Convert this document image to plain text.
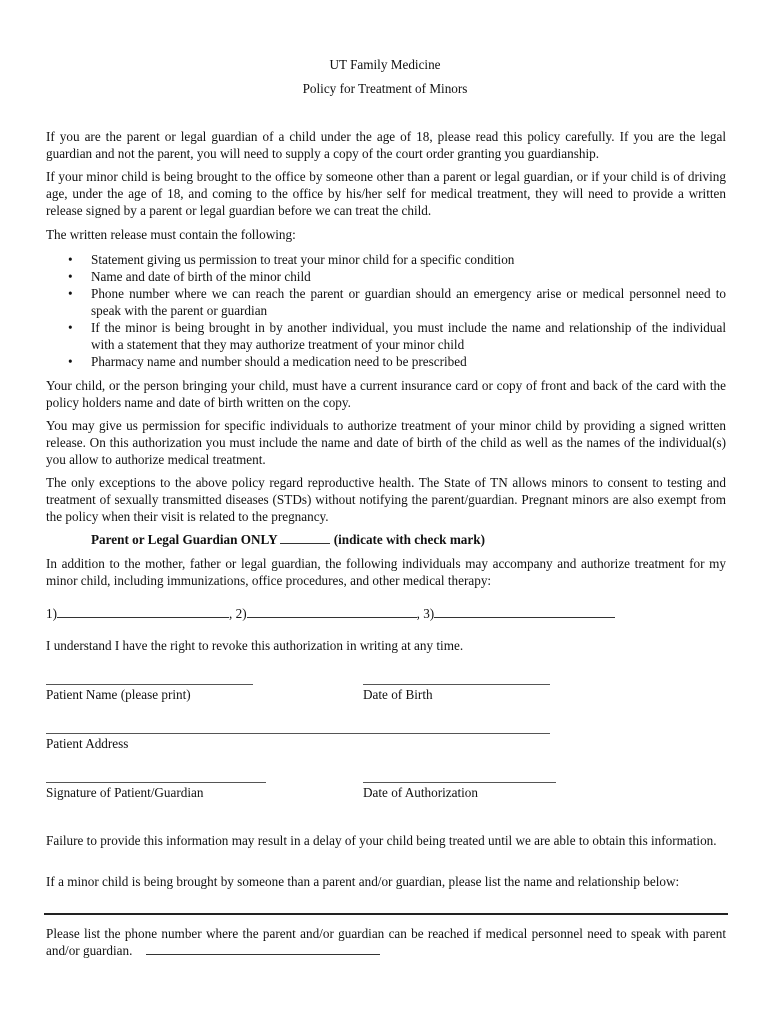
UT Family Medicine
Policy for Treatment of Minors

If you are the parent or legal guardian of a child under the age of 18, please read this policy carefully. If you are the legal guardian and not the parent, you will need to supply a copy of the court order granting you guardianship.

If your minor child is being brought to the office by someone other than a parent or legal guardian, or if your child is of driving age, under the age of 18, and coming to the office by his/her self for medical treatment, they will need to provide a written release signed by a parent or legal guardian before we can treat the child.

The written release must contain the following:

• Statement giving us permission to treat your minor child for a specific condition
• Name and date of birth of the minor child
• Phone number where we can reach the parent or guardian should an emergency arise or medical personnel need to speak with the parent or guardian
• If the minor is being brought in by another individual, you must include the name and relationship of the individual with a statement that they may authorize treatment of your minor child
• Pharmacy name and number should a medication need to be prescribed

Your child, or the person bringing your child, must have a current insurance card or copy of front and back of the card with the policy holders name and date of birth written on the copy.

You may give us permission for specific individuals to authorize treatment of your minor child by providing a signed written release. On this authorization you must include the name and date of birth of the child as well as the names of the individual(s) you allow to authorize medical treatment.

The only exceptions to the above policy regard reproductive health. The State of TN allows minors to consent to testing and treatment of sexually transmitted diseases (STDs) without notifying the parent/guardian. Pregnant minors are also exempt from the policy when their visit is related to the pregnancy.

Parent or Legal Guardian ONLY	(indicate with check mark)

In addition to the mother, father or legal guardian, the following individuals may accompany and authorize treatment for my minor child, including immunizations, office procedures, and other medical therapy:

1)	, 2)	, 3)
I understand I have the right to revoke this authorization in writing at any time.
Patient Name (please print)	Date of Birth
Patient Address
Signature of Patient/Guardian	Date of Authorization

Failure to provide this information may result in a delay of your child being treated until we are able to obtain this information.

If a minor child is being brought by someone than a parent and/or guardian, please list the name and relationship below:

Please list the phone number where the parent and/or guardian can be reached if medical personnel need to speak with parent and/or guardian.
